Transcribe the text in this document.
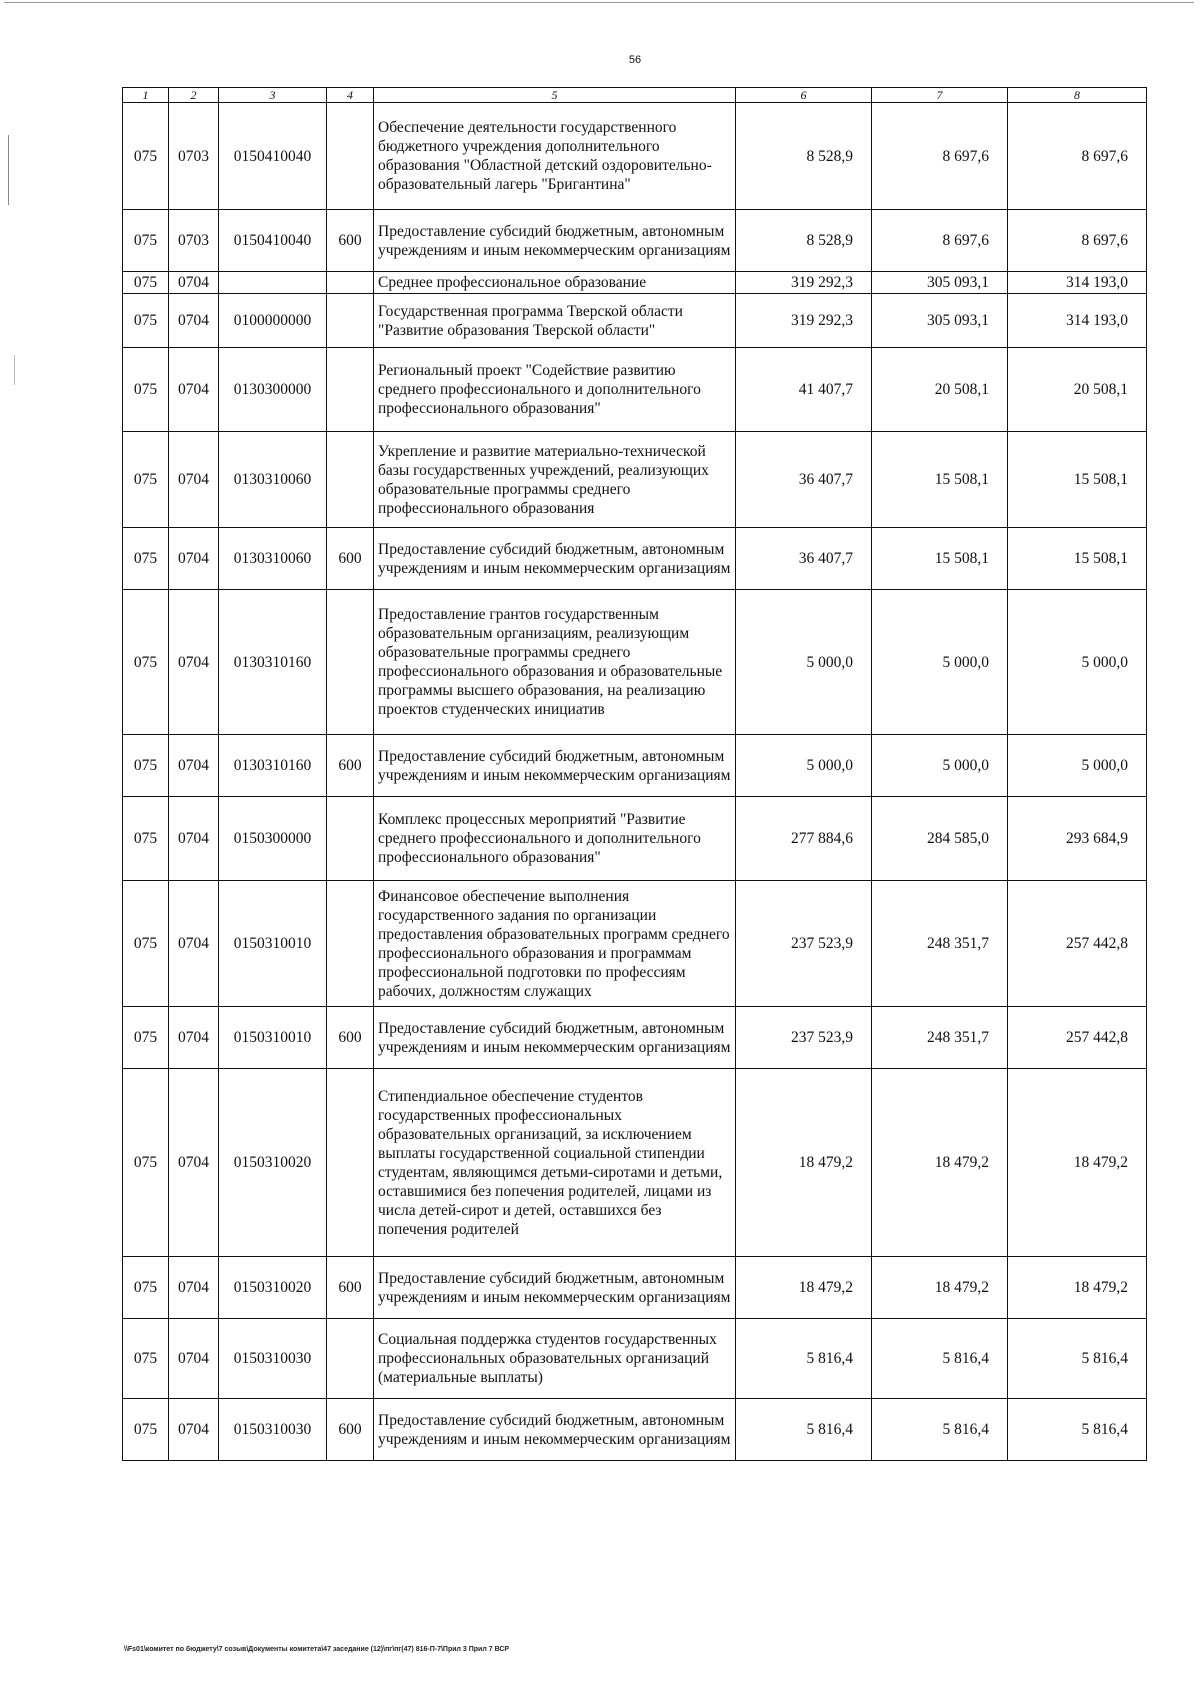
56
1	2	3	4	5	6	7	8
075	0703	0150410040		Обеспечение деятельности государственного бюджетного учреждения дополнительного образования "Областной детский оздоровительно-образовательный лагерь "Бригантина"	8 528,9	8 697,6	8 697,6
075	0703	0150410040	600	Предоставление субсидий бюджетным, автономным учреждениям и иным некоммерческим организациям	8 528,9	8 697,6	8 697,6
075	0704			Среднее профессиональное образование	319 292,3	305 093,1	314 193,0
075	0704	0100000000		Государственная программа Тверской области "Развитие образования Тверской области"	319 292,3	305 093,1	314 193,0
075	0704	0130300000		Региональный проект "Содействие развитию среднего профессионального и дополнительного профессионального образования"	41 407,7	20 508,1	20 508,1
075	0704	0130310060		Укрепление и развитие материально-технической базы государственных учреждений, реализующих образовательные программы среднего профессионального образования	36 407,7	15 508,1	15 508,1
075	0704	0130310060	600	Предоставление субсидий бюджетным, автономным учреждениям и иным некоммерческим организациям	36 407,7	15 508,1	15 508,1
075	0704	0130310160		Предоставление грантов государственным образовательным организациям, реализующим образовательные программы среднего профессионального образования и образовательные программы высшего образования, на реализацию проектов студенческих инициатив	5 000,0	5 000,0	5 000,0
075	0704	0130310160	600	Предоставление субсидий бюджетным, автономным учреждениям и иным некоммерческим организациям	5 000,0	5 000,0	5 000,0
075	0704	0150300000		Комплекс процессных мероприятий "Развитие среднего профессионального и дополнительного профессионального образования"	277 884,6	284 585,0	293 684,9
075	0704	0150310010		Финансовое обеспечение выполнения государственного задания по организации предоставления образовательных программ среднего профессионального образования и программам профессиональной подготовки по профессиям рабочих, должностям служащих	237 523,9	248 351,7	257 442,8
075	0704	0150310010	600	Предоставление субсидий бюджетным, автономным учреждениям и иным некоммерческим организациям	237 523,9	248 351,7	257 442,8
075	0704	0150310020		Стипендиальное обеспечение студентов государственных профессиональных образовательных организаций, за исключением выплаты государственной социальной стипендии студентам, являющимся детьми-сиротами и детьми, оставшимися без попечения родителей, лицами из числа детей-сирот и детей, оставшихся без попечения родителей	18 479,2	18 479,2	18 479,2
075	0704	0150310020	600	Предоставление субсидий бюджетным, автономным учреждениям и иным некоммерческим организациям	18 479,2	18 479,2	18 479,2
075	0704	0150310030		Социальная поддержка студентов государственных профессиональных образовательных организаций (материальные выплаты)	5 816,4	5 816,4	5 816,4
075	0704	0150310030	600	Предоставление субсидий бюджетным, автономным учреждениям и иным некоммерческим организациям	5 816,4	5 816,4	5 816,4
\\Fs01\комитет по бюджету\7 созыв\Документы комитета\47 заседание (12)\пг\пг(47) 816-П-7\Прил 3 Прил 7 ВСР
